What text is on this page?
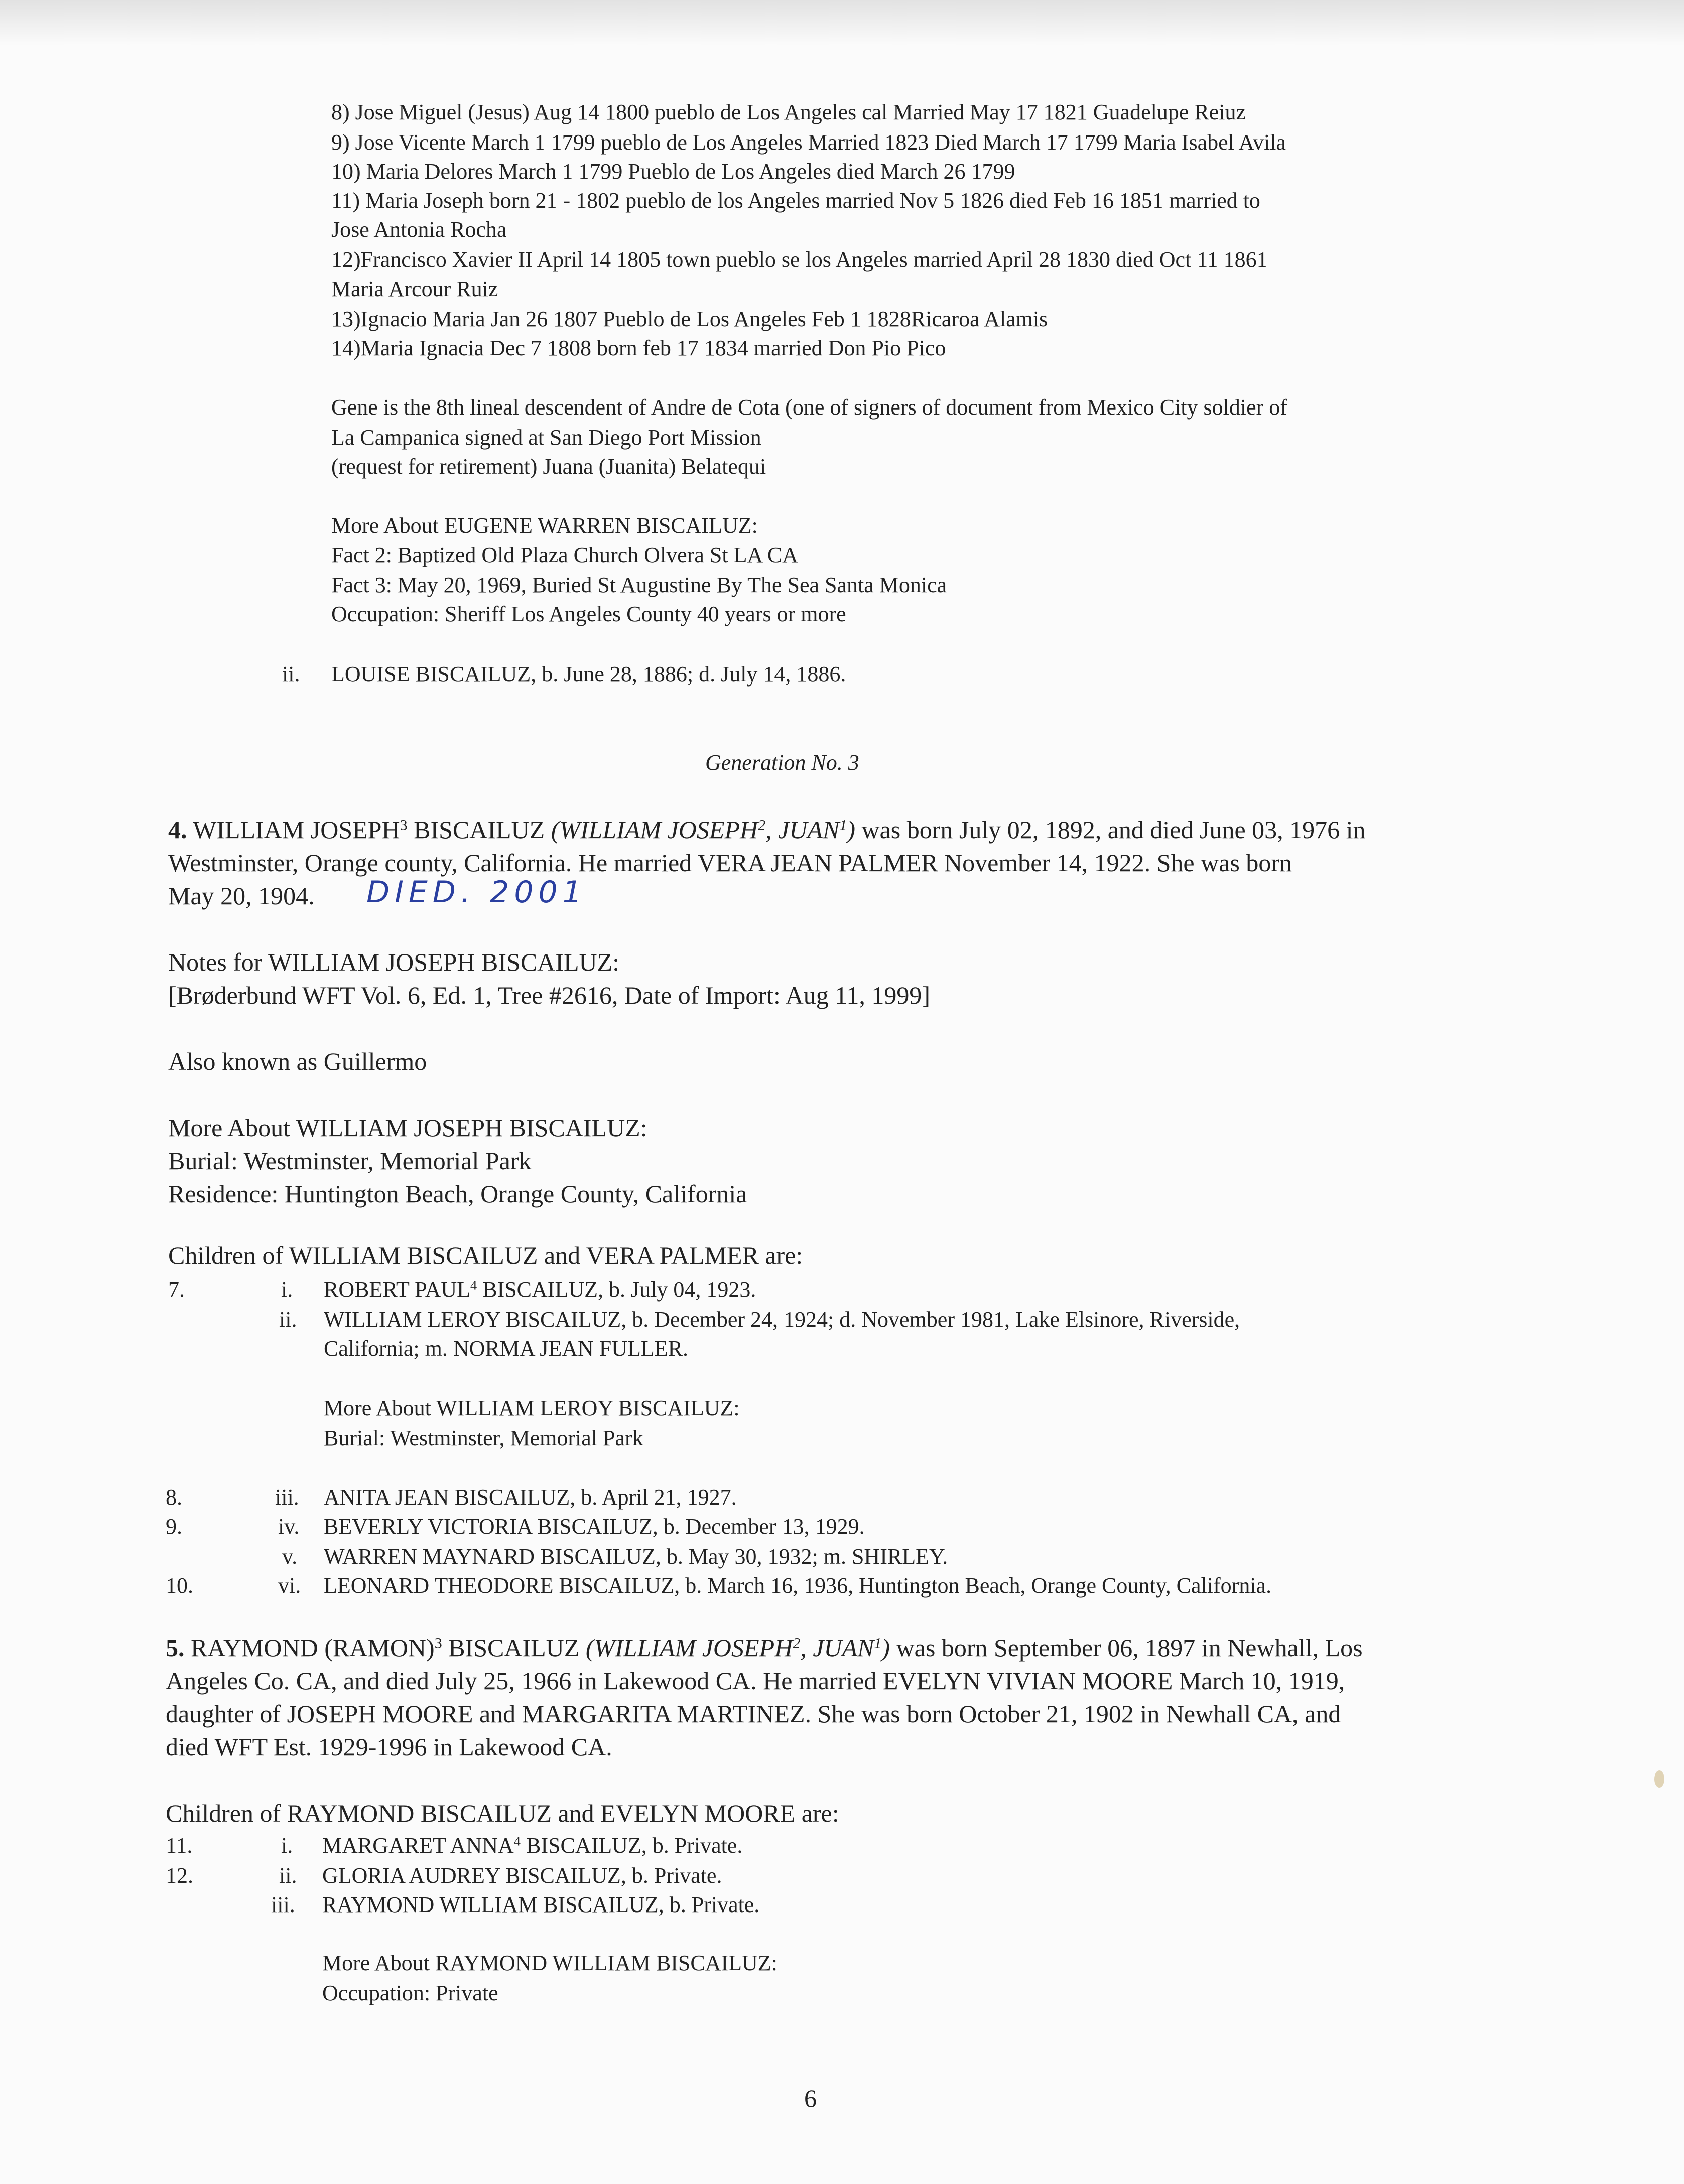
8) Jose Miguel (Jesus) Aug 14 1800 pueblo de Los Angeles cal Married May 17 1821 Guadelupe Reiuz
9) Jose Vicente March 1 1799 pueblo de Los Angeles Married 1823 Died March 17 1799 Maria Isabel Avila
10) Maria Delores March 1 1799 Pueblo de Los Angeles died March 26 1799
11) Maria Joseph born 21 - 1802 pueblo de los Angeles married Nov 5 1826 died Feb 16 1851 married to
Jose Antonia Rocha
12)Francisco Xavier II April 14 1805 town pueblo se los Angeles married April 28 1830 died Oct 11 1861
Maria Arcour Ruiz
13)Ignacio Maria Jan 26 1807 Pueblo de Los Angeles Feb 1 1828Ricaroa Alamis
14)Maria Ignacia Dec 7 1808 born feb 17 1834 married Don Pio Pico
Gene is the 8th lineal descendent of Andre de Cota (one of signers of document from Mexico City soldier of
La Campanica signed at San Diego Port Mission
(request for retirement) Juana (Juanita) Belatequi
More About EUGENE WARREN BISCAILUZ:
Fact 2: Baptized Old Plaza Church Olvera St LA CA
Fact 3: May 20, 1969, Buried St Augustine By The Sea Santa Monica
Occupation: Sheriff Los Angeles County 40 years or more
ii. LOUISE BISCAILUZ, b. June 28, 1886; d. July 14, 1886.
Generation No. 3
4. WILLIAM JOSEPH$^3$ BISCAILUZ (WILLIAM JOSEPH$^2$, JUAN$^1$) was born July 02, 1892, and died June 03, 1976 in
Westminster, Orange county, California. He married VERA JEAN PALMER November 14, 1922. She was born
May 20, 1904. DIED. 2001
Notes for WILLIAM JOSEPH BISCAILUZ:
[Brøderbund WFT Vol. 6, Ed. 1, Tree #2616, Date of Import: Aug 11, 1999]
Also known as Guillermo
More About WILLIAM JOSEPH BISCAILUZ:
Burial: Westminster, Memorial Park
Residence: Huntington Beach, Orange County, California
Children of WILLIAM BISCAILUZ and VERA PALMER are:
7.	i. ROBERT PAUL$^4$ BISCAILUZ, b. July 04, 1923.
ii. WILLIAM LEROY BISCAILUZ, b. December 24, 1924; d. November 1981, Lake Elsinore, Riverside,
California; m. NORMA JEAN FULLER.
More About WILLIAM LEROY BISCAILUZ:
Burial: Westminster, Memorial Park
8.	iii. ANITA JEAN BISCAILUZ, b. April 21, 1927.
9.	iv. BEVERLY VICTORIA BISCAILUZ, b. December 13, 1929.
v. WARREN MAYNARD BISCAILUZ, b. May 30, 1932; m. SHIRLEY.
10.	vi. LEONARD THEODORE BISCAILUZ, b. March 16, 1936, Huntington Beach, Orange County, California.
5. RAYMOND (RAMON)$^3$ BISCAILUZ (WILLIAM JOSEPH$^2$, JUAN$^1$) was born September 06, 1897 in Newhall, Los
Angeles Co. CA, and died July 25, 1966 in Lakewood CA. He married EVELYN VIVIAN MOORE March 10, 1919,
daughter of JOSEPH MOORE and MARGARITA MARTINEZ. She was born October 21, 1902 in Newhall CA, and
died WFT Est. 1929-1996 in Lakewood CA.
Children of RAYMOND BISCAILUZ and EVELYN MOORE are:
11.	i. MARGARET ANNA$^4$ BISCAILUZ, b. Private.
12.	ii. GLORIA AUDREY BISCAILUZ, b. Private.
iii. RAYMOND WILLIAM BISCAILUZ, b. Private.
More About RAYMOND WILLIAM BISCAILUZ:
Occupation: Private
6
